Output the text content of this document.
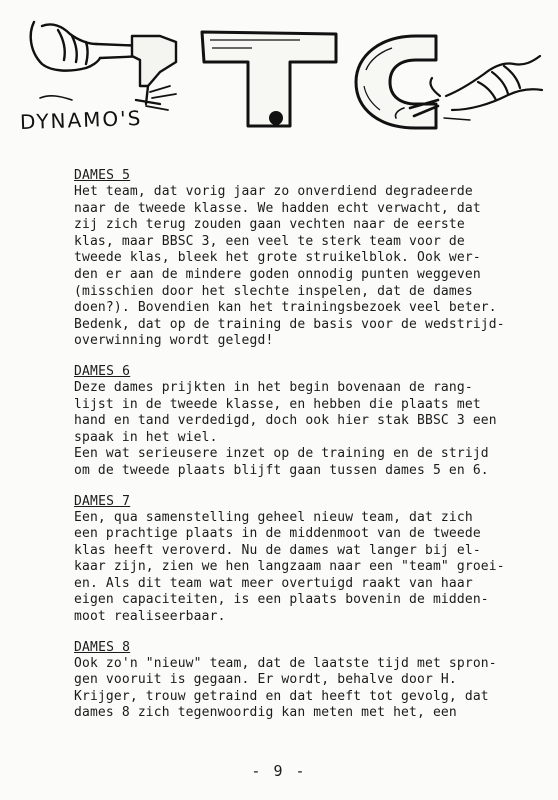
DYNAMO'S

DAMES 5

Het team, dat vorig jaar zo onverdiend degradeerde

naar de tweede klasse. We hadden echt verwacht, dat

zij zich terug zouden gaan vechten naar de eerste

klas, maar BBSC 3, een veel te sterk team voor de

tweede klas, bleek het grote struikelblok. Ook wer-

den er aan de mindere goden onnodig punten weggeven

(misschien door het slechte inspelen, dat de dames

doen?). Bovendien kan het trainingsbezoek veel beter.

Bedenk, dat op de training de basis voor de wedstrijd-

overwinning wordt gelegd!

DAMES 6

Deze dames prijkten in het begin bovenaan de rang-

lijst in de tweede klasse, en hebben die plaats met

hand en tand verdedigd, doch ook hier stak BBSC 3 een

spaak in het wiel.

Een wat serieusere inzet op de training en de strijd

om de tweede plaats blijft gaan tussen dames 5 en 6.

DAMES 7

Een, qua samenstelling geheel nieuw team, dat zich

een prachtige plaats in de middenmoot van de tweede

klas heeft veroverd. Nu de dames wat langer bij el-

kaar zijn, zien we hen langzaam naar een "team" groei-

en. Als dit team wat meer overtuigd raakt van haar

eigen capaciteiten, is een plaats bovenin de midden-

moot realiseerbaar.

DAMES 8

Ook zo'n "nieuw" team, dat de laatste tijd met spron-

gen vooruit is gegaan. Er wordt, behalve door H.

Krijger, trouw getraind en dat heeft tot gevolg, dat

dames 8 zich tegenwoordig kan meten met het, een

- 9 -
